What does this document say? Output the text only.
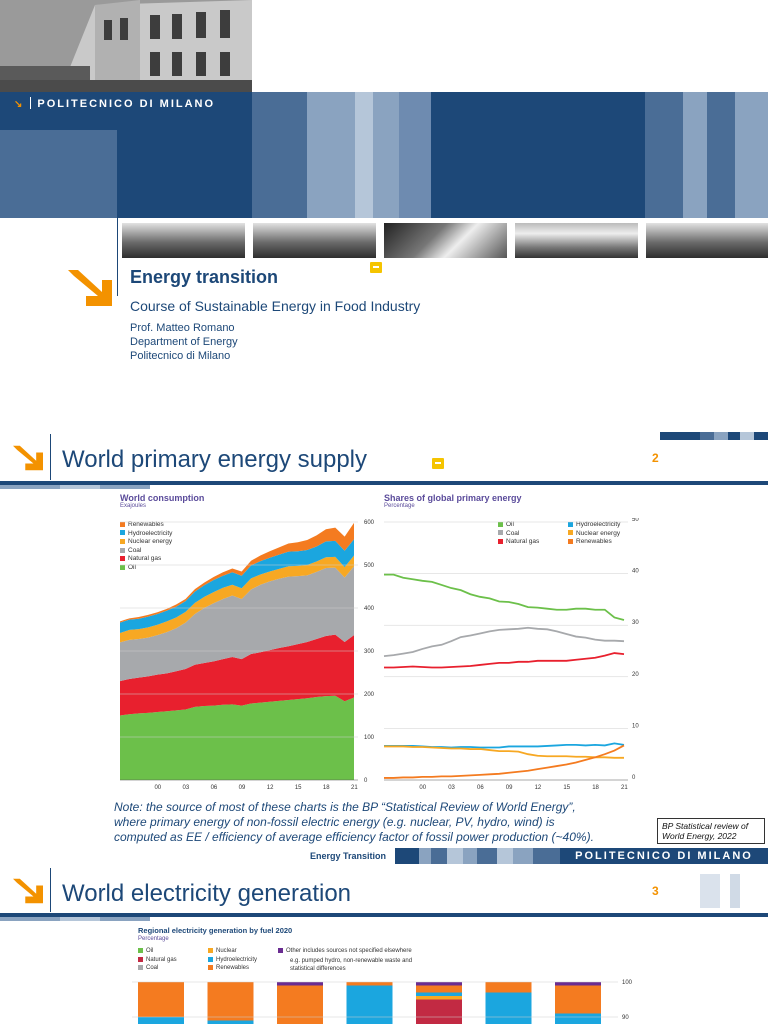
↘ POLITECNICO DI MILANO
Energy transition
Course of Sustainable Energy in Food Industry
Prof. Matteo Romano
Department of Energy
Politecnico di Milano
World primary energy supply	2
World consumption
Exajoules
Renewables
Hydroelectricity
Nuclear energy
Coal
Natural gas
Oil
0
100
200
300
400
500
600
00	03	06	09	12	15	18	21
Shares of global primary energy
Percentage
Oil
Coal
Natural gas
Hydroelectricity
Nuclear energy
Renewables
0
10
20
30
40
50
00	03	06	09	12	15	18	21
Note: the source of most of these charts is the BP “Statistical Review of World Energy”,
where primary energy of non-fossil electric energy (e.g. nuclear, PV, hydro, wind) is
computed as EE / efficiency of average efficiency factor of fossil power production (~40%).
BP Statistical review of
World Energy, 2022
Energy Transition	POLITECNICO DI MILANO
World electricity generation	3
Regional electricity generation by fuel 2020
Percentage
Oil
Natural gas
Coal
Nuclear
Hydroelectricity
Renewables
Other includes sources not specified elsewhere
e.g. pumped hydro, non-renewable waste and
statistical differences
100
90
